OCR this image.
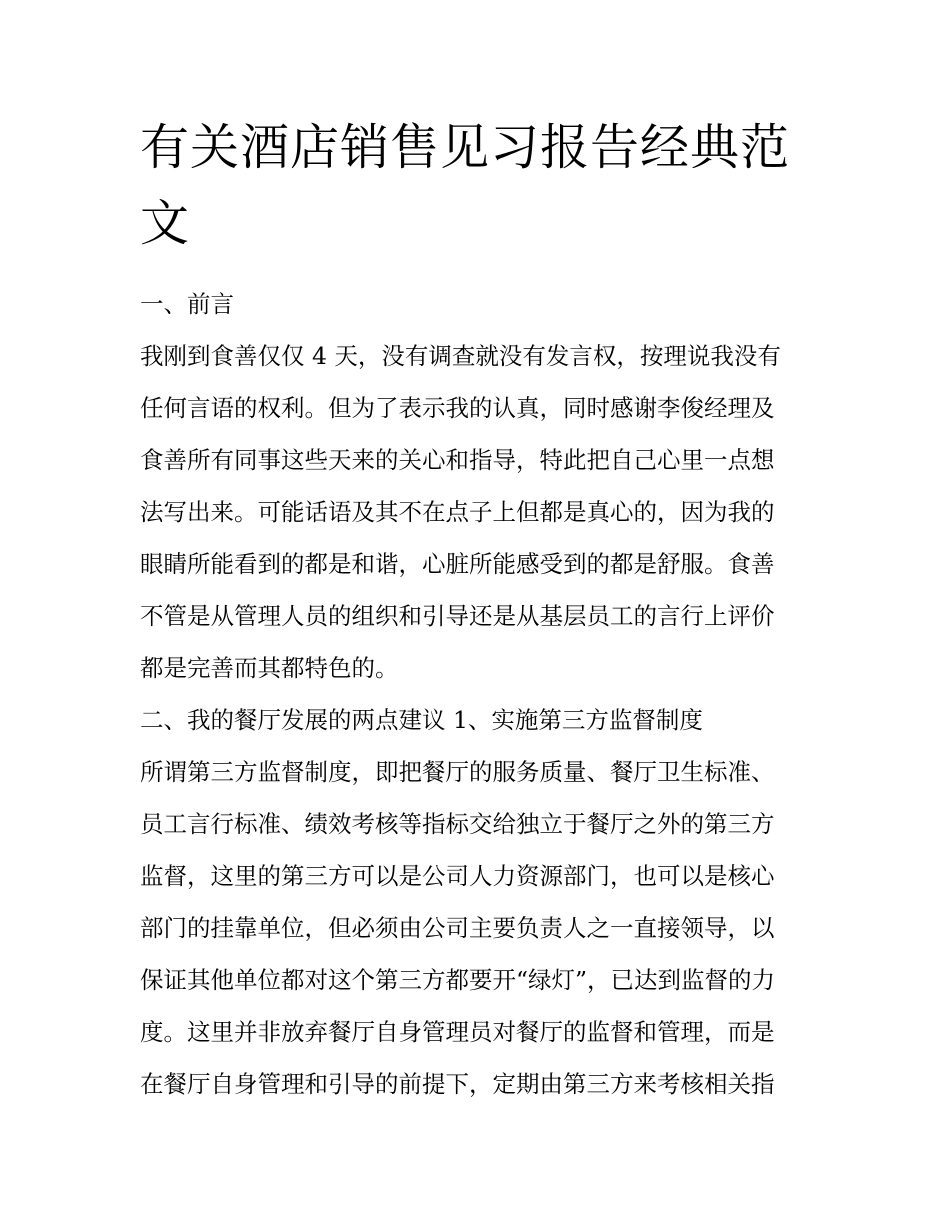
有关酒店销售见习报告经典范文
一、前言
我刚到食善仅仅 4 天，没有调查就没有发言权，按理说我没有
任何言语的权利。但为了表示我的认真，同时感谢李俊经理及
食善所有同事这些天来的关心和指导，特此把自己心里一点想
法写出来。可能话语及其不在点子上但都是真心的，因为我的
眼睛所能看到的都是和谐，心脏所能感受到的都是舒服。食善
不管是从管理人员的组织和引导还是从基层员工的言行上评价
都是完善而其都特色的。
二、我的餐厅发展的两点建议 1、实施第三方监督制度
所谓第三方监督制度，即把餐厅的服务质量、餐厅卫生标准、
员工言行标准、绩效考核等指标交给独立于餐厅之外的第三方
监督，这里的第三方可以是公司人力资源部门，也可以是核心
部门的挂靠单位，但必须由公司主要负责人之一直接领导，以
保证其他单位都对这个第三方都要开“绿灯”，已达到监督的力
度。这里并非放弃餐厅自身管理员对餐厅的监督和管理，而是
在餐厅自身管理和引导的前提下，定期由第三方来考核相关指
